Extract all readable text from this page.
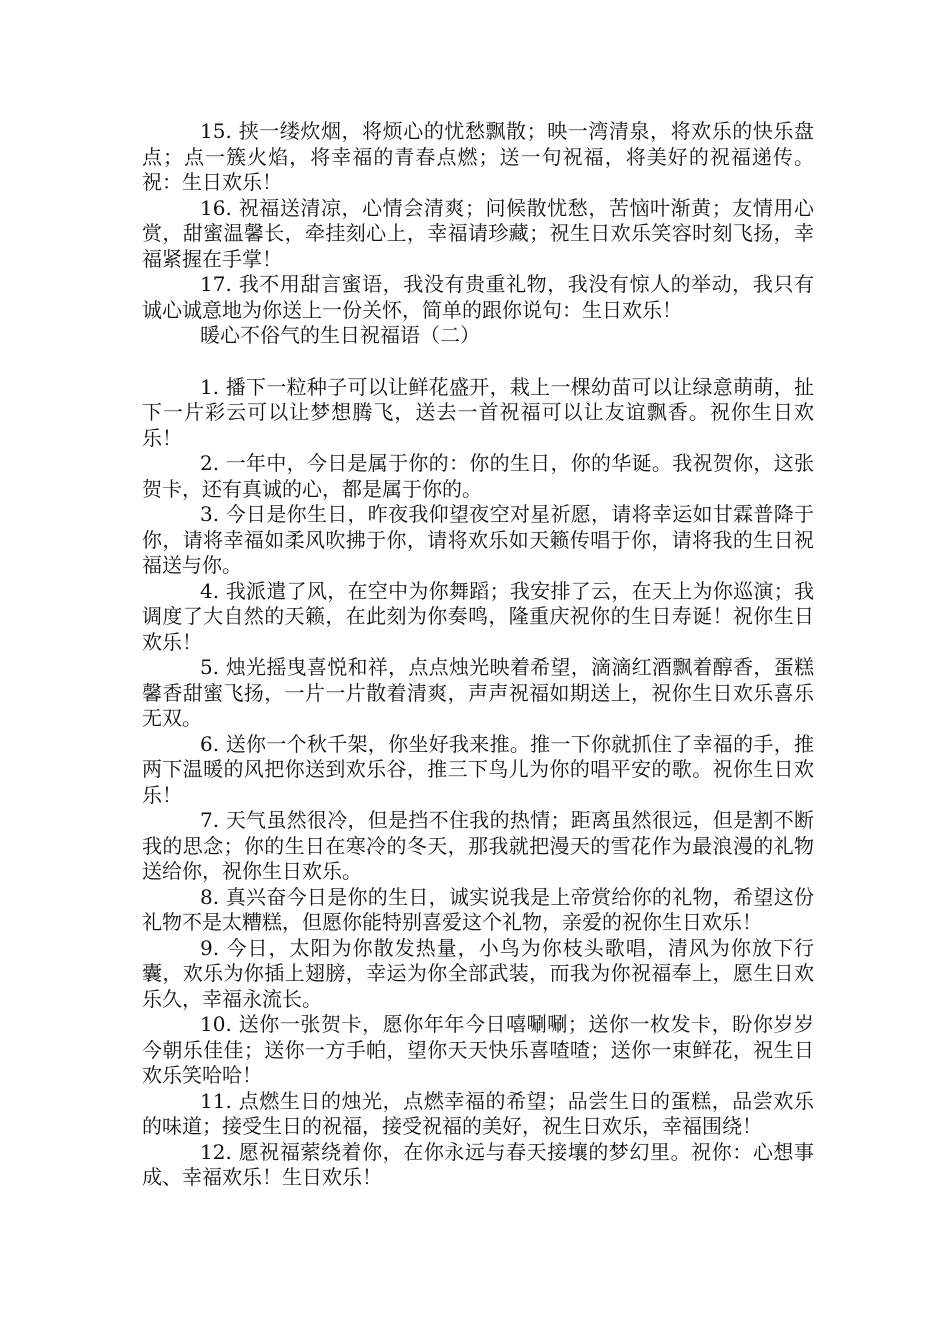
15. 挟一缕炊烟，将烦心的忧愁飘散；映一湾清泉，将欢乐的快乐盘点；点一簇火焰，将幸福的青春点燃；送一句祝福，将美好的祝福递传。祝：生日欢乐！

16. 祝福送清凉，心情会清爽；问候散忧愁，苦恼叶渐黄；友情用心赏，甜蜜温馨长，牵挂刻心上，幸福请珍藏；祝生日欢乐笑容时刻飞扬，幸福紧握在手掌！

17. 我不用甜言蜜语，我没有贵重礼物，我没有惊人的举动，我只有诚心诚意地为你送上一份关怀，简单的跟你说句：生日欢乐！

暖心不俗气的生日祝福语（二）

1. 播下一粒种子可以让鲜花盛开，栽上一棵幼苗可以让绿意萌萌，扯下一片彩云可以让梦想腾飞，送去一首祝福可以让友谊飘香。祝你生日欢乐！

2. 一年中，今日是属于你的：你的生日，你的华诞。我祝贺你，这张贺卡，还有真诚的心，都是属于你的。

3. 今日是你生日，昨夜我仰望夜空对星祈愿，请将幸运如甘霖普降于你，请将幸福如柔风吹拂于你，请将欢乐如天籁传唱于你，请将我的生日祝福送与你。

4. 我派遣了风，在空中为你舞蹈；我安排了云，在天上为你巡演；我调度了大自然的天籁，在此刻为你奏鸣，隆重庆祝你的生日寿诞！祝你生日欢乐！

5. 烛光摇曳喜悦和祥，点点烛光映着希望，滴滴红酒飘着醇香，蛋糕馨香甜蜜飞扬，一片一片散着清爽，声声祝福如期送上，祝你生日欢乐喜乐无双。

6. 送你一个秋千架，你坐好我来推。推一下你就抓住了幸福的手，推两下温暖的风把你送到欢乐谷，推三下鸟儿为你的唱平安的歌。祝你生日欢乐！

7. 天气虽然很冷，但是挡不住我的热情；距离虽然很远，但是割不断我的思念；你的生日在寒冷的冬天，那我就把漫天的雪花作为最浪漫的礼物送给你，祝你生日欢乐。

8. 真兴奋今日是你的生日，诚实说我是上帝赏给你的礼物，希望这份礼物不是太糟糕，但愿你能特别喜爱这个礼物，亲爱的祝你生日欢乐！

9. 今日，太阳为你散发热量，小鸟为你枝头歌唱，清风为你放下行囊，欢乐为你插上翅膀，幸运为你全部武装，而我为你祝福奉上，愿生日欢乐久，幸福永流长。

10. 送你一张贺卡，愿你年年今日嘻唰唰；送你一枚发卡，盼你岁岁今朝乐佳佳；送你一方手帕，望你天天快乐喜喳喳；送你一束鲜花，祝生日欢乐笑哈哈！

11. 点燃生日的烛光，点燃幸福的希望；品尝生日的蛋糕，品尝欢乐的味道；接受生日的祝福，接受祝福的美好，祝生日欢乐，幸福围绕！

12. 愿祝福萦绕着你，在你永远与春天接壤的梦幻里。祝你：心想事成、幸福欢乐！生日欢乐！
